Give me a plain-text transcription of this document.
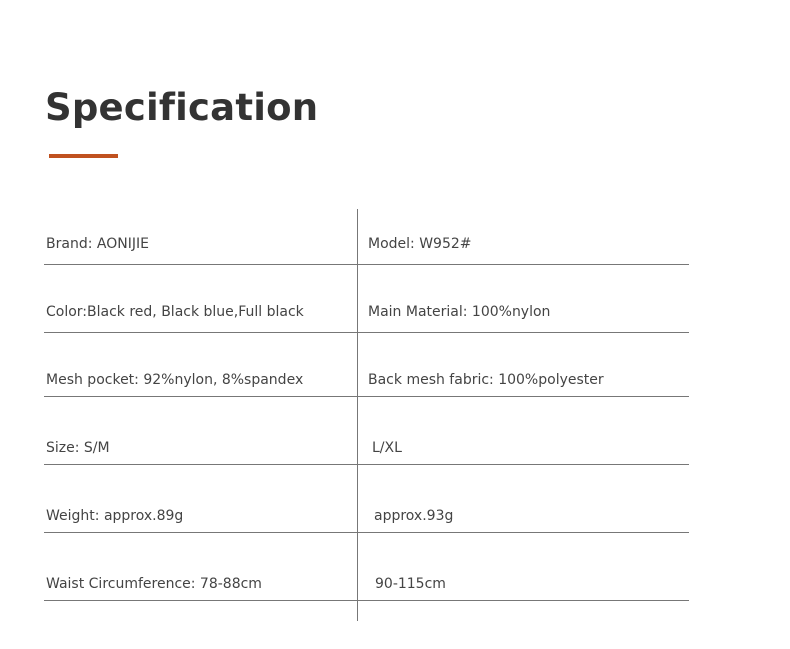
Specification
Brand: AONIJIE	Model: W952#
Color:Black red, Black blue,Full black	Main Material: 100%nylon
Mesh pocket: 92%nylon, 8%spandex	Back mesh fabric: 100%polyester
Size: S/M	L/XL
Weight: approx.89g	approx.93g
Waist Circumference: 78-88cm	90-115cm
